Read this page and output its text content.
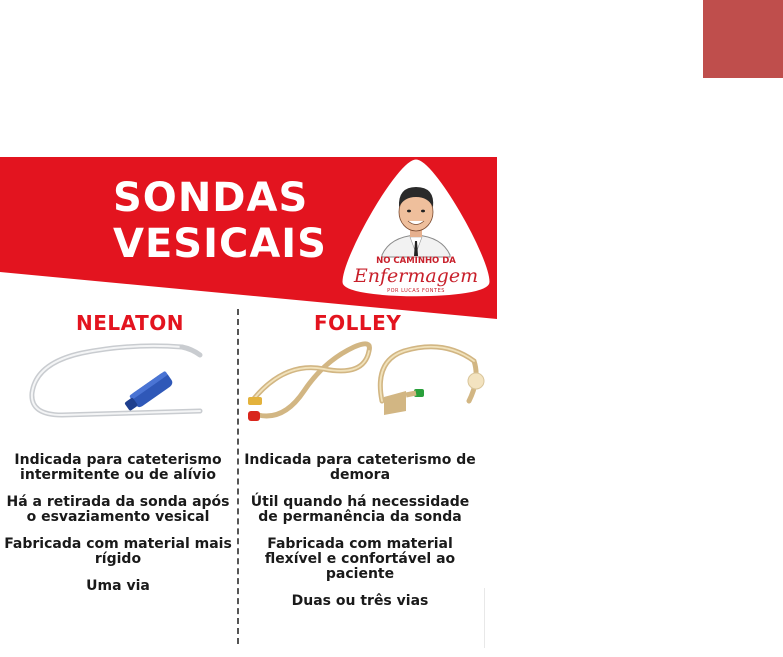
SONDAS
VESICAIS	NO CAMINHO DA
Enfermagem
POR LUCAS FONTES
NELATON	FOLLEY
Indicada para cateterismo intermitente ou de alívio
Há a retirada da sonda após o esvaziamento vesical
Fabricada com material mais rígido
Uma via
Indicada para cateterismo de demora
Útil quando há necessidade de permanência da sonda
Fabricada com material flexível e confortável ao paciente
Duas ou três vias
